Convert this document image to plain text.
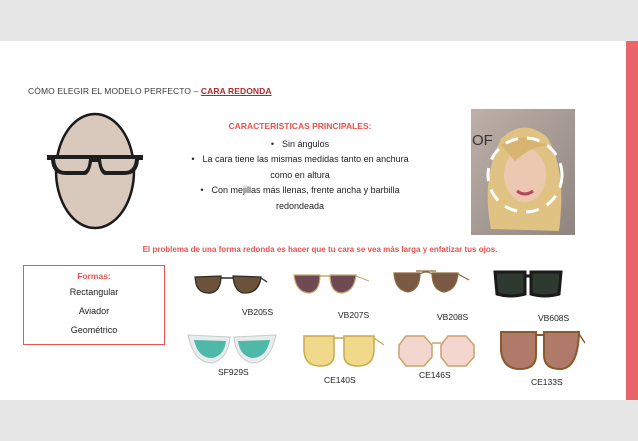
CÓMO ELEGIR EL MODELO PERFECTO – CARA REDONDA
CARACTERISTICAS PRINCIPALES:
• Sin ángulos
• La cara tiene las mismas medidas tanto en anchura como en altura
• Con mejillas más llenas, frente ancha y barbilla redondeada
OF
El problema de una forma redonda es hacer que tu cara se vea más larga y enfatizar tus ojos.
Formas:
Rectangular
Aviador
Geométrico
VB205S	VB207S	VB208S	VB608S
SF929S
CE140S	CE146S
CE133S
